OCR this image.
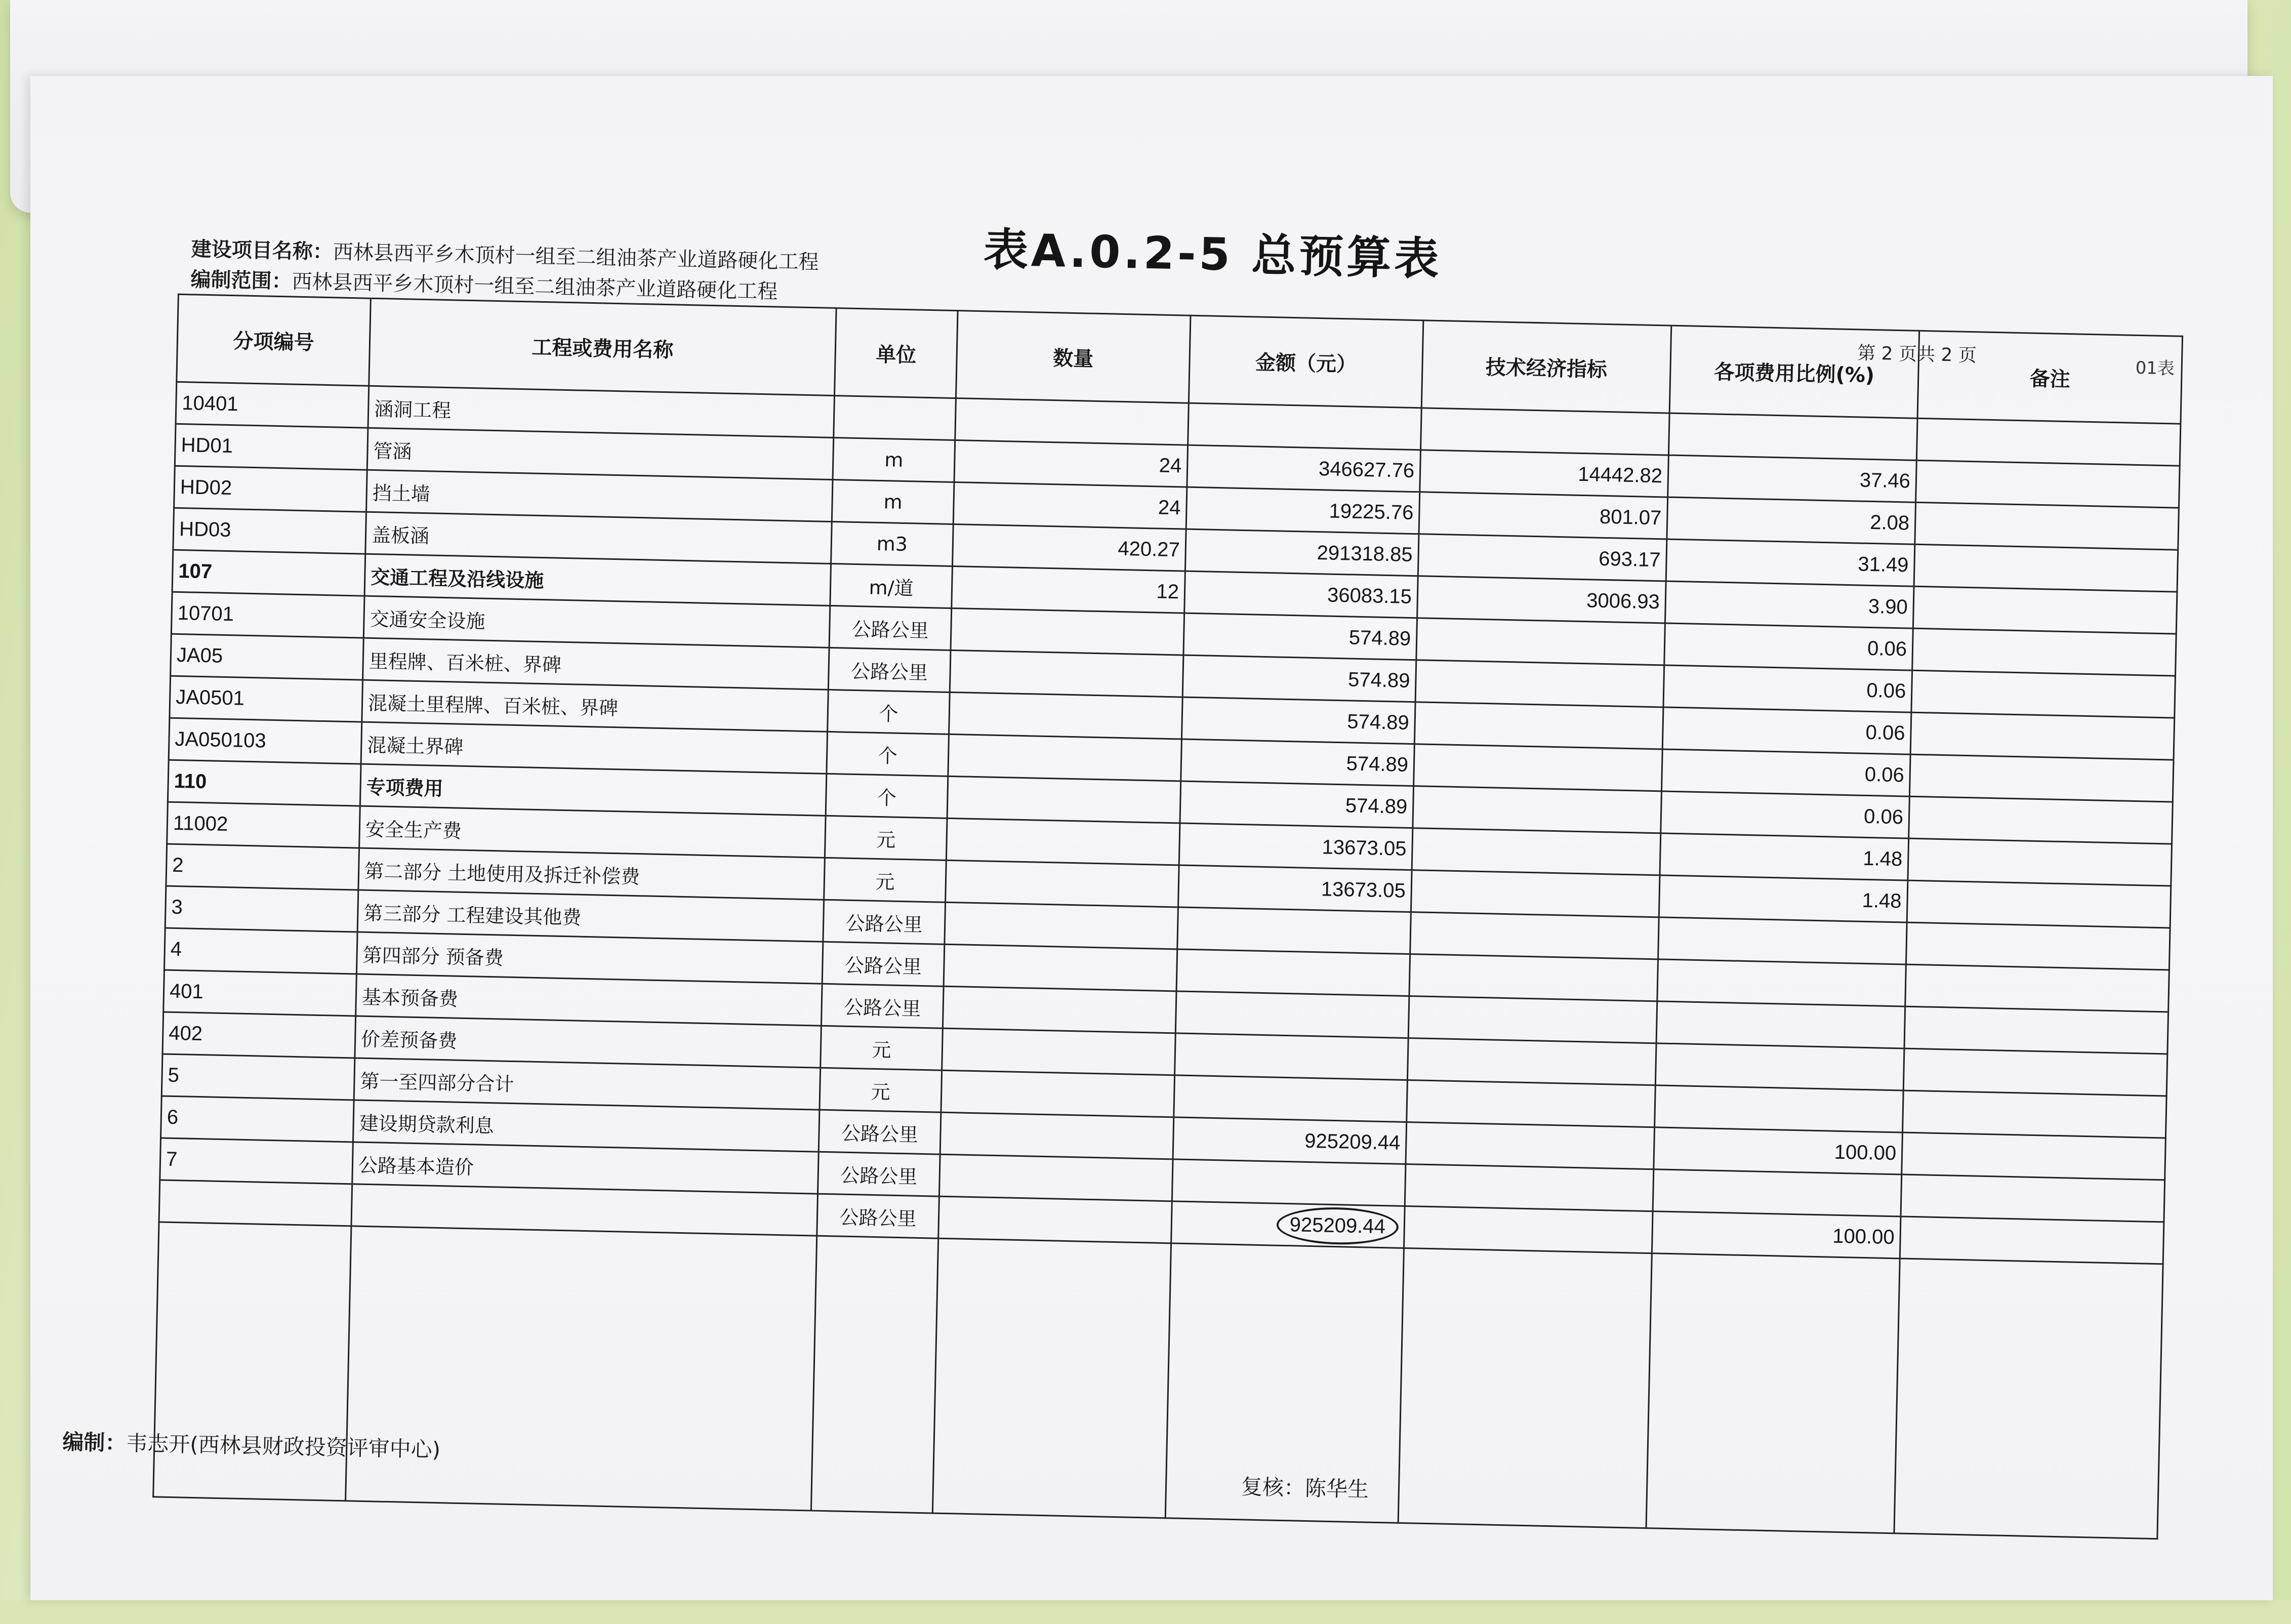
表A.0.2-5 总预算表
建设项目名称：西林县西平乡木顶村一组至二组油茶产业道路硬化工程
编制范围：西林县西平乡木顶村一组至二组油茶产业道路硬化工程
第 2 页共 2 页
01表
分项编号	工程或费用名称	单位	数量	金额（元）	技术经济指标	各项费用比例(%)	备注
10401	涵洞工程						
HD01	管涵	m	24	346627.76	14442.82	37.46	
HD02	挡土墙	m	24	19225.76	801.07	2.08	
HD03	盖板涵	m3	420.27	291318.85	693.17	31.49	
107	交通工程及沿线设施	m/道	12	36083.15	3006.93	3.90	
10701	交通安全设施	公路公里		574.89		0.06	
JA05	里程牌、百米桩、界碑	公路公里		574.89		0.06	
JA0501	混凝土里程牌、百米桩、界碑	个		574.89		0.06	
JA050103	混凝土界碑	个		574.89		0.06	
110	专项费用	个		574.89		0.06	
11002	安全生产费	元		13673.05		1.48	
2	第二部分 土地使用及拆迁补偿费	元		13673.05		1.48	
3	第三部分 工程建设其他费	公路公里					
4	第四部分 预备费	公路公里					
401	基本预备费	公路公里					
402	价差预备费	元					
5	第一至四部分合计	元					
6	建设期贷款利息	公路公里		925209.44		100.00	
7	公路基本造价	公路公里					
		公路公里		925209.44		100.00	

编制：韦志开(西林县财政投资评审中心)
复核：陈华生
